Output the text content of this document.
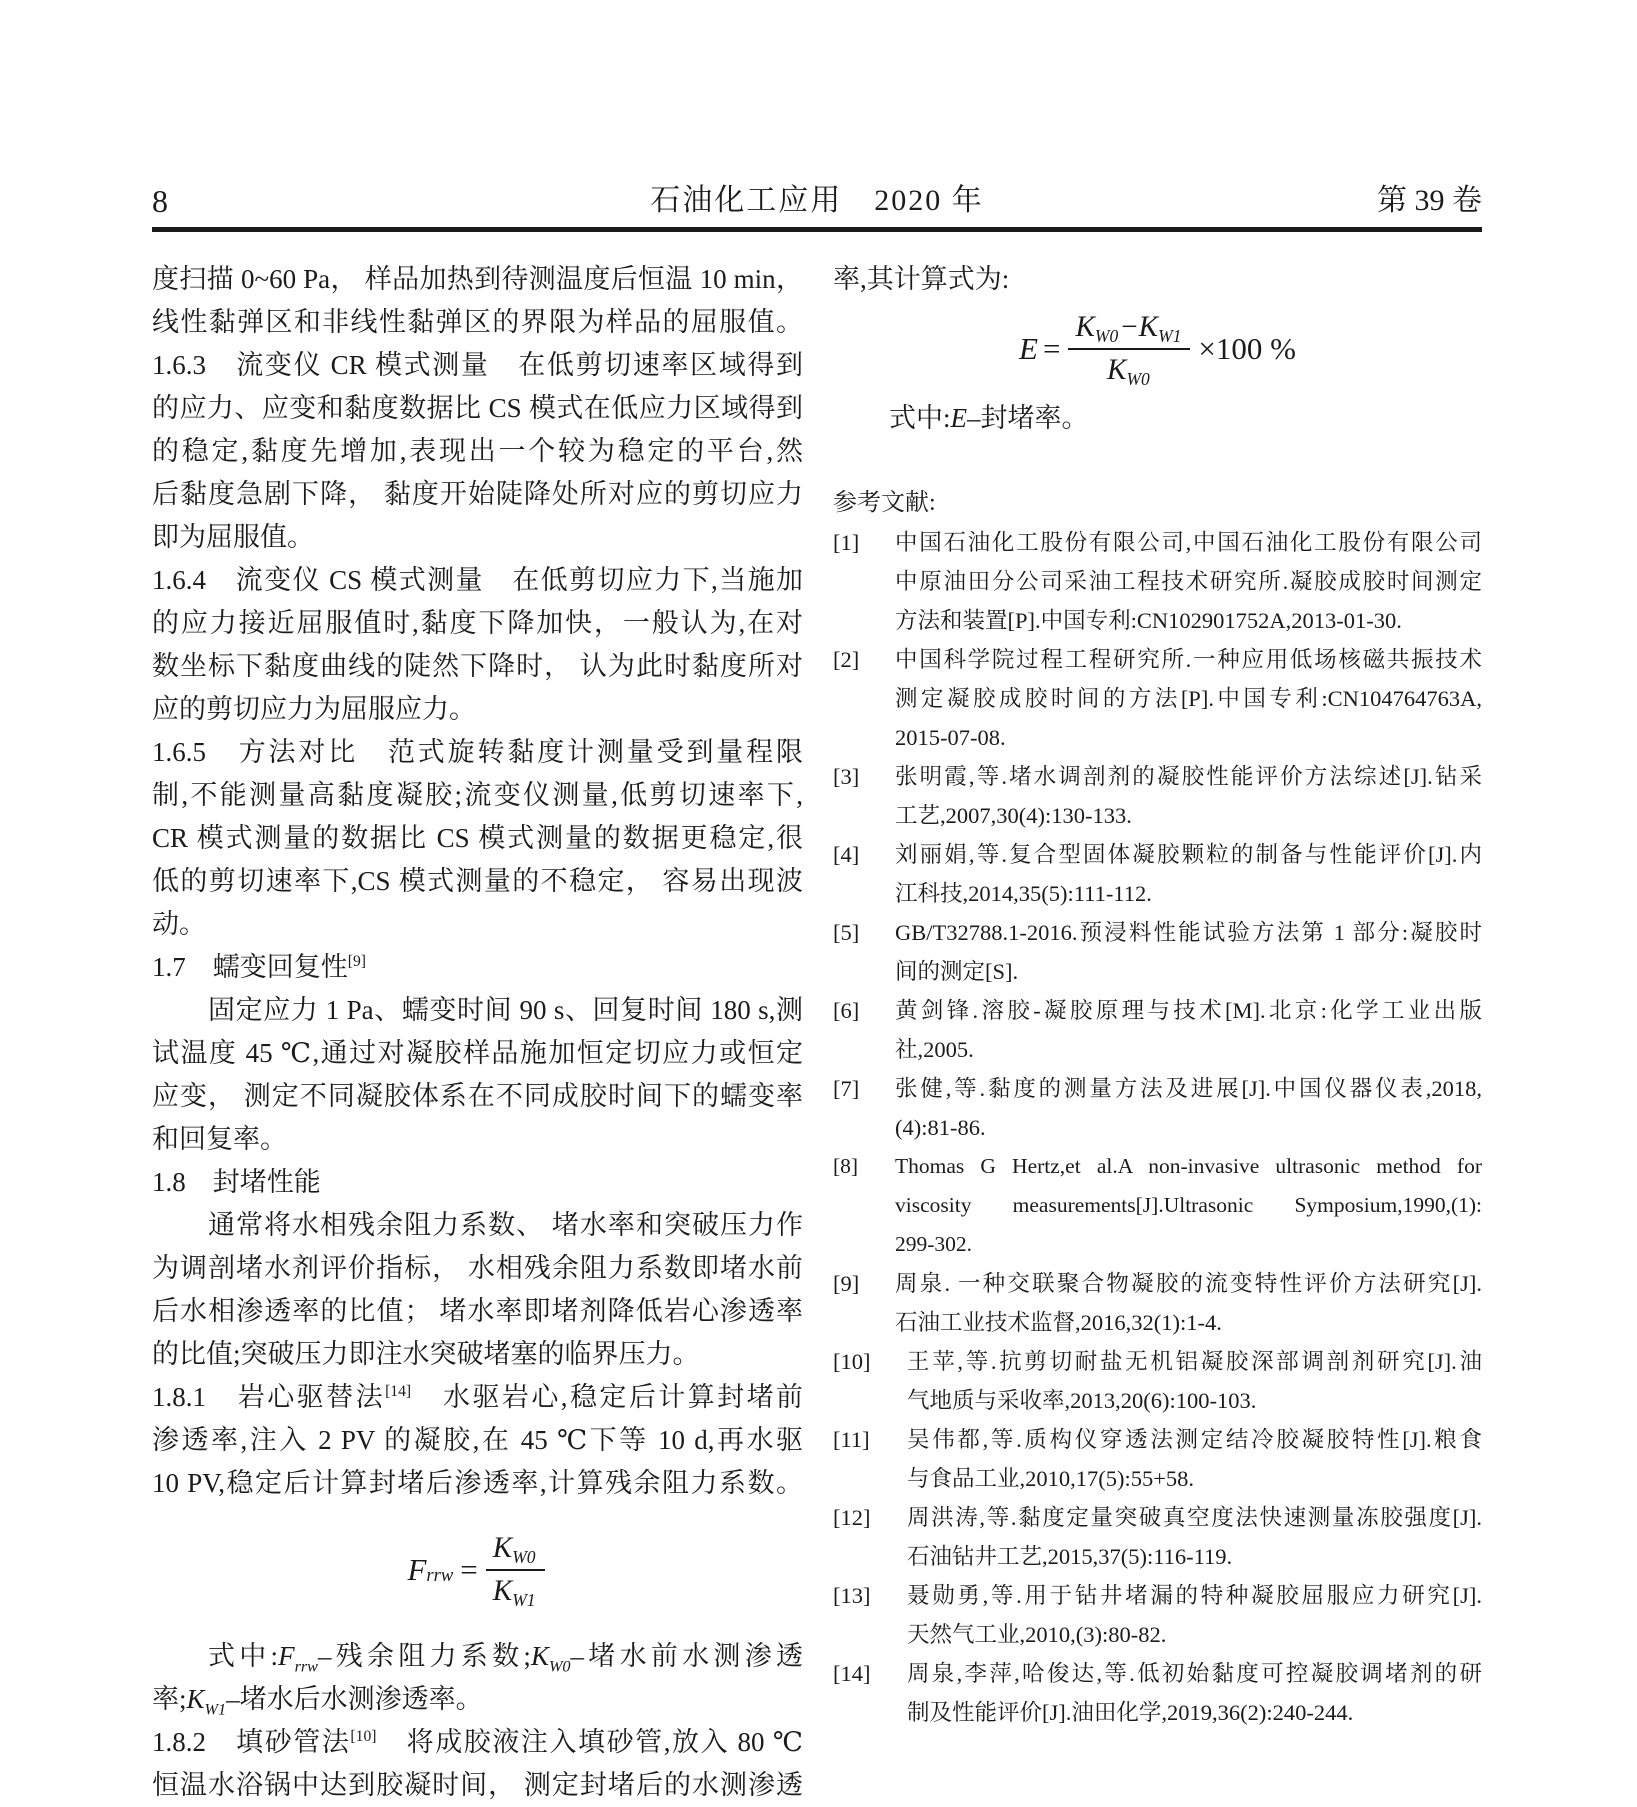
8	石油化工应用　2020 年	第 39 卷
度扫描 0~60 Pa， 样品加热到待测温度后恒温 10 min，
线性黏弹区和非线性黏弹区的界限为样品的屈服值。
1.6.3　流变仪 CR 模式测量　在低剪切速率区域得到
的应力、应变和黏度数据比 CS 模式在低应力区域得到
的稳定,黏度先增加,表现出一个较为稳定的平台,然
后黏度急剧下降， 黏度开始陡降处所对应的剪切应力
即为屈服值。
1.6.4　流变仪 CS 模式测量　在低剪切应力下,当施加
的应力接近屈服值时,黏度下降加快，一般认为,在对
数坐标下黏度曲线的陡然下降时， 认为此时黏度所对
应的剪切应力为屈服应力。
1.6.5　方法对比　范式旋转黏度计测量受到量程限
制,不能测量高黏度凝胶;流变仪测量,低剪切速率下,
CR 模式测量的数据比 CS 模式测量的数据更稳定,很
低的剪切速率下,CS 模式测量的不稳定， 容易出现波
动。
1.7　蠕变回复性[9]
固定应力 1 Pa、蠕变时间 90 s、回复时间 180 s,测
试温度 45 ℃,通过对凝胶样品施加恒定切应力或恒定
应变， 测定不同凝胶体系在不同成胶时间下的蠕变率
和回复率。
1.8　封堵性能
通常将水相残余阻力系数、 堵水率和突破压力作
为调剖堵水剂评价指标， 水相残余阻力系数即堵水前
后水相渗透率的比值； 堵水率即堵剂降低岩心渗透率
的比值;突破压力即注水突破堵塞的临界压力。
1.8.1　岩心驱替法[14]　水驱岩心,稳定后计算封堵前
渗透率,注入 2 PV 的凝胶,在 45 ℃下等 10 d,再水驱
10 PV,稳定后计算封堵后渗透率,计算残余阻力系数。
$F_{rrw} = \frac{K_{W0}}{K_{W1}}$
式中$:F_{rrw}-$残余阻力系数$;K_{W0}-$堵水前水测渗透
率$;K_{W1}-$堵水后水测渗透率。
1.8.2　填砂管法[10]　将成胶液注入填砂管,放入 80 ℃
恒温水浴锅中达到胶凝时间， 测定封堵后的水测渗透
率,其计算式为:
$E = \frac{K_{W0} - K_{W1}}{K_{W0}} \times 100$ %
式中:E–封堵率。
参考文献:
[1]	中国石油化工股份有限公司,中国石油化工股份有限公司
中原油田分公司采油工程技术研究所.凝胶成胶时间测定
方法和装置[P].中国专利:CN102901752A,2013-01-30.
[2]	中国科学院过程工程研究所.一种应用低场核磁共振技术
测定凝胶成胶时间的方法[P].中国专利:CN104764763A,
2015-07-08.
[3]	张明霞,等.堵水调剖剂的凝胶性能评价方法综述[J].钻采
工艺,2007,30(4):130-133.
[4]	刘丽娟,等.复合型固体凝胶颗粒的制备与性能评价[J].内
江科技,2014,35(5):111-112.
[5]	GB/T32788.1-2016.预浸料性能试验方法第 1 部分:凝胶时
间的测定[S].
[6]	黄剑锋.溶胶-凝胶原理与技术[M].北京:化学工业出版
社,2005.
[7]	张健,等.黏度的测量方法及进展[J].中国仪器仪表,2018,
(4):81-86.
[8]	Thomas G Hertz,et al.A non-invasive ultrasonic method for
viscosity measurements[J].Ultrasonic Symposium,1990,(1):
299-302.
[9]	周泉. 一种交联聚合物凝胶的流变特性评价方法研究[J].
石油工业技术监督,2016,32(1):1-4.
[10]	王苹,等.抗剪切耐盐无机铝凝胶深部调剖剂研究[J].油
气地质与采收率,2013,20(6):100-103.
[11]	吴伟都,等.质构仪穿透法测定结冷胶凝胶特性[J].粮食
与食品工业,2010,17(5):55+58.
[12]	周洪涛,等.黏度定量突破真空度法快速测量冻胶强度[J].
石油钻井工艺,2015,37(5):116-119.
[13]	聂勋勇,等.用于钻井堵漏的特种凝胶屈服应力研究[J].
天然气工业,2010,(3):80-82.
[14]	周泉,李萍,哈俊达,等.低初始黏度可控凝胶调堵剂的研
制及性能评价[J].油田化学,2019,36(2):240-244.
